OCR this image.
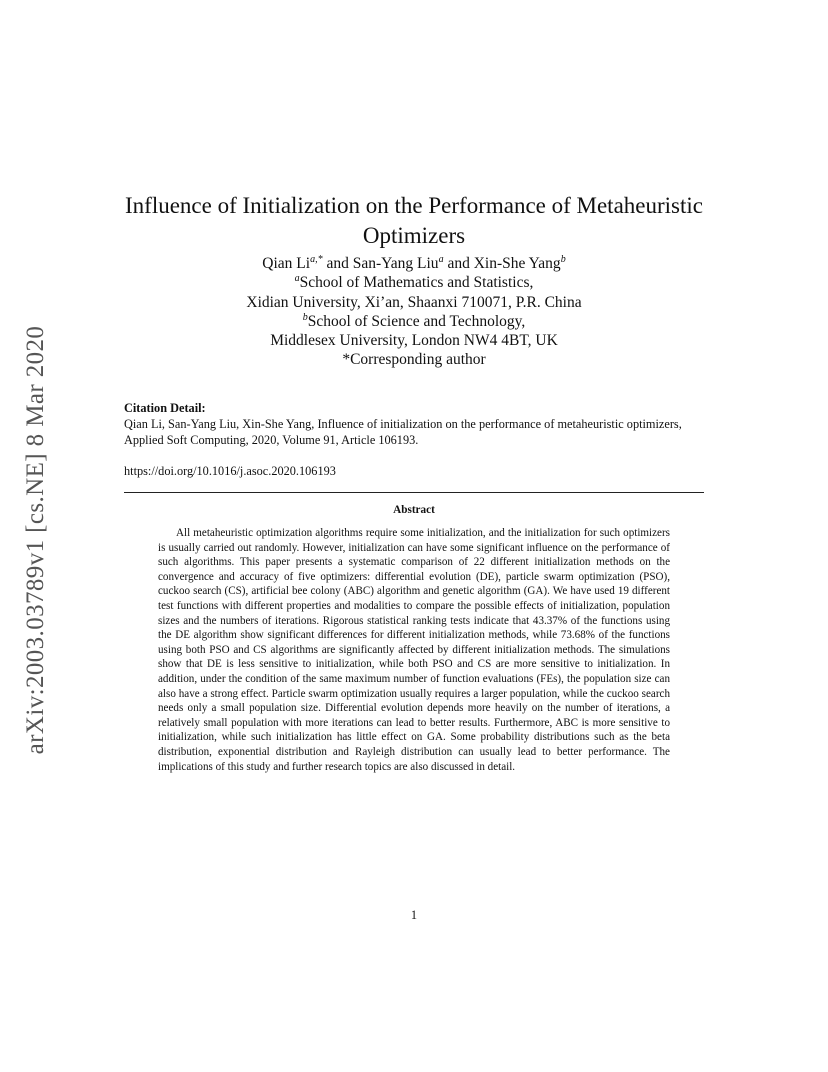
arXiv:2003.03789v1 [cs.NE] 8 Mar 2020
Influence of Initialization on the Performance of Metaheuristic Optimizers
Qian $Li^{a,*}$ and San-Yang Liu$^a$ and Xin-She Yang$^b$
$^a$School of Mathematics and Statistics,
Xidian University, Xi’an, Shaanxi 710071, P.R. China
$^b$School of Science and Technology,
Middlesex University, London NW4 4BT, UK
*Corresponding author
Citation Detail:
Qian Li, San-Yang Liu, Xin-She Yang, Influence of initialization on the performance of metaheuristic optimizers, Applied Soft Computing, 2020, Volume 91, Article 106193.
https://doi.org/10.1016/j.asoc.2020.106193
Abstract
All metaheuristic optimization algorithms require some initialization, and the initialization for such optimizers is usually carried out randomly. However, initialization can have some significant influence on the performance of such algorithms. This paper presents a systematic comparison of 22 different initialization methods on the convergence and accuracy of five optimizers: differential evolution (DE), particle swarm optimization (PSO), cuckoo search (CS), artificial bee colony (ABC) algorithm and genetic algorithm (GA). We have used 19 different test functions with different properties and modalities to compare the possible effects of initialization, population sizes and the numbers of iterations. Rigorous statistical ranking tests indicate that 43.37% of the functions using the DE algorithm show significant differences for different initialization methods, while 73.68% of the functions using both PSO and CS algorithms are significantly affected by different initialization methods. The simulations show that DE is less sensitive to initialization, while both PSO and CS are more sensitive to initialization. In addition, under the condition of the same maximum number of function evaluations (FEs), the population size can also have a strong effect. Particle swarm optimization usually requires a larger population, while the cuckoo search needs only a small population size. Differential evolution depends more heavily on the number of iterations, a relatively small population with more iterations can lead to better results. Furthermore, ABC is more sensitive to initialization, while such initialization has little effect on GA. Some probability distributions such as the beta distribution, exponential distribution and Rayleigh distribution can usually lead to better performance. The implications of this study and further research topics are also discussed in detail.
1
